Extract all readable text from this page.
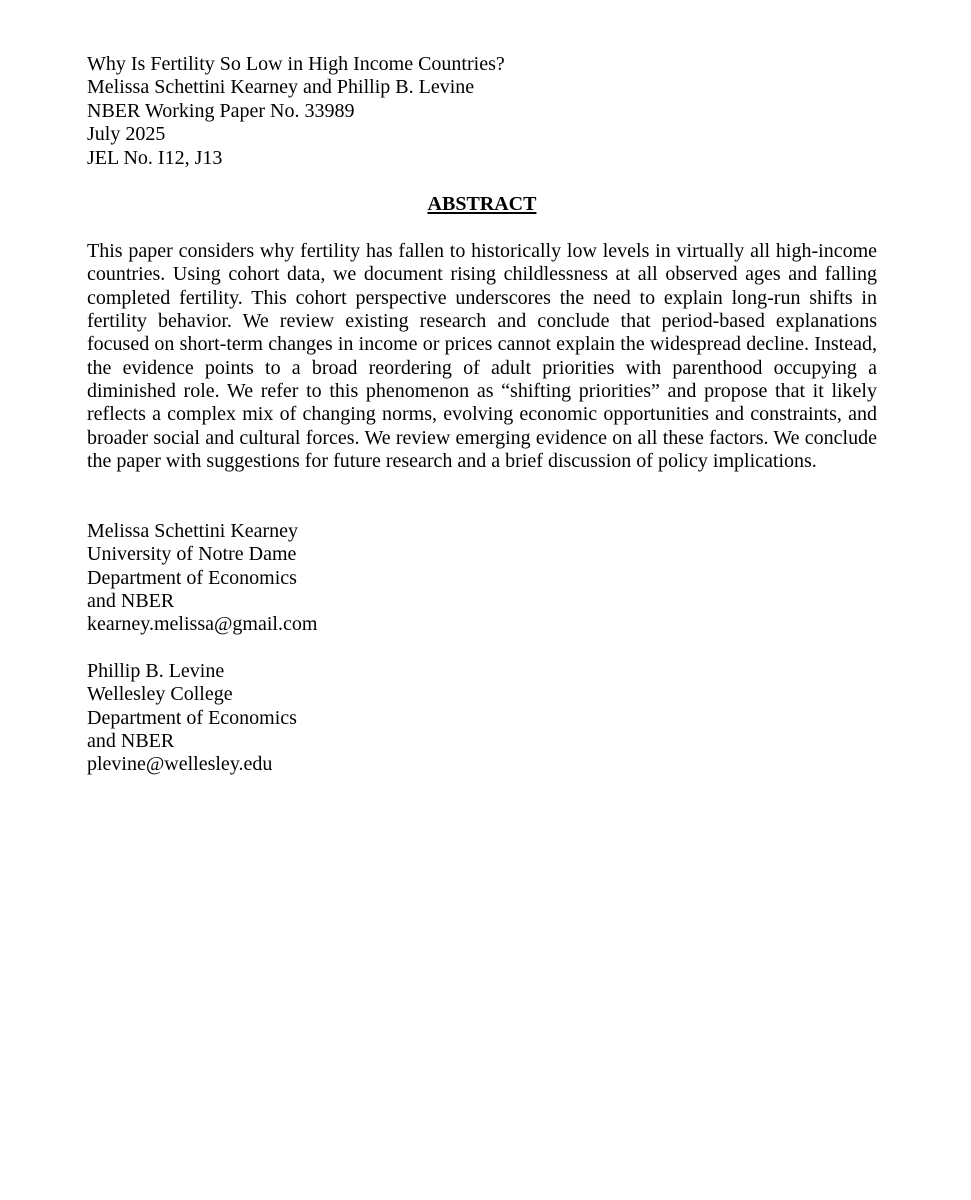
Why Is Fertility So Low in High Income Countries?
Melissa Schettini Kearney and Phillip B. Levine
NBER Working Paper No. 33989
July 2025
JEL No. I12, J13
ABSTRACT

This paper considers why fertility has fallen to historically low levels in virtually all high-income countries. Using cohort data, we document rising childlessness at all observed ages and falling completed fertility. This cohort perspective underscores the need to explain long-run shifts in fertility behavior. We review existing research and conclude that period-based explanations focused on short-term changes in income or prices cannot explain the widespread decline. Instead, the evidence points to a broad reordering of adult priorities with parenthood occupying a diminished role. We refer to this phenomenon as “shifting priorities” and propose that it likely reflects a complex mix of changing norms, evolving economic opportunities and constraints, and broader social and cultural forces. We review emerging evidence on all these factors. We conclude the paper with suggestions for future research and a brief discussion of policy implications.

Melissa Schettini Kearney
University of Notre Dame
Department of Economics
and NBER
kearney.melissa@gmail.com
Phillip B. Levine
Wellesley College
Department of Economics
and NBER
plevine@wellesley.edu
